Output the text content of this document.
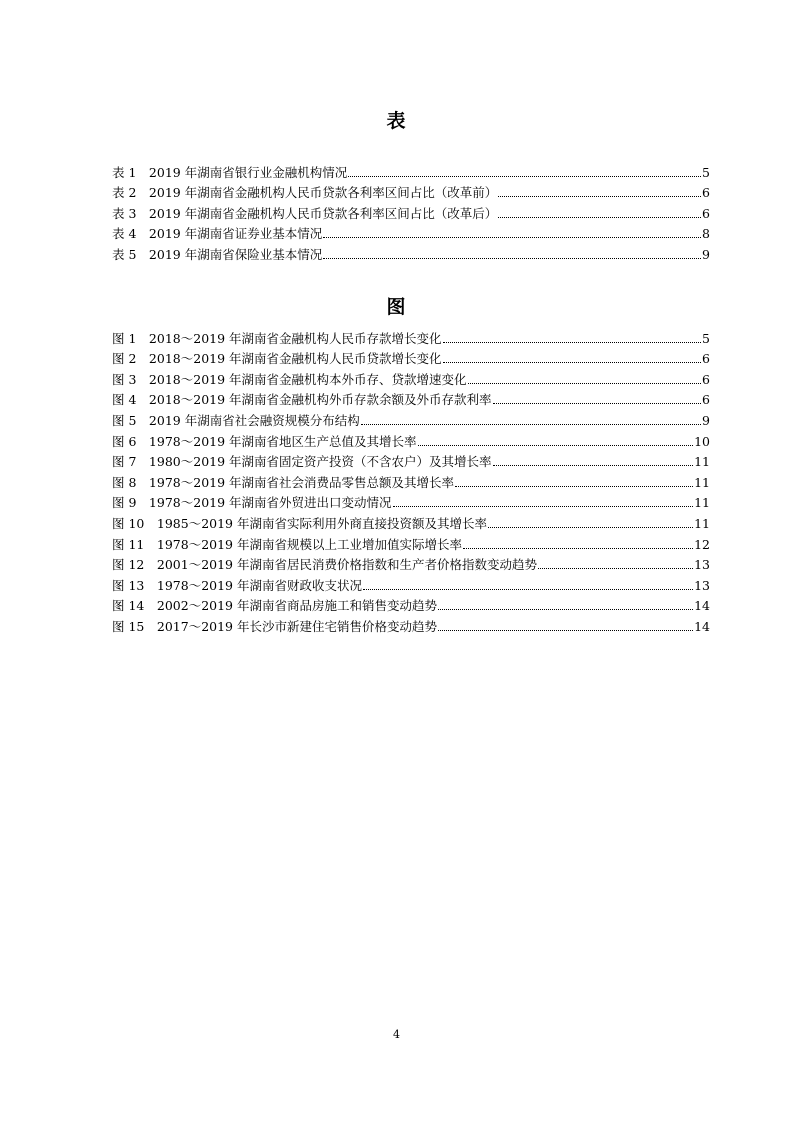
表
表 1　2019 年湖南省银行业金融机构情况	5
表 2　2019 年湖南省金融机构人民币贷款各利率区间占比（改革前）	6
表 3　2019 年湖南省金融机构人民币贷款各利率区间占比（改革后）	6
表 4　2019 年湖南省证券业基本情况	8
表 5　2019 年湖南省保险业基本情况	9
图
图 1　2018～2019 年湖南省金融机构人民币存款增长变化	5
图 2　2018～2019 年湖南省金融机构人民币贷款增长变化	6
图 3　2018～2019 年湖南省金融机构本外币存、贷款增速变化	6
图 4　2018～2019 年湖南省金融机构外币存款余额及外币存款利率	6
图 5　2019 年湖南省社会融资规模分布结构	9
图 6　1978～2019 年湖南省地区生产总值及其增长率	10
图 7　1980～2019 年湖南省固定资产投资（不含农户）及其增长率	11
图 8　1978～2019 年湖南省社会消费品零售总额及其增长率	11
图 9　1978～2019 年湖南省外贸进出口变动情况	11
图 10　1985～2019 年湖南省实际利用外商直接投资额及其增长率	11
图 11　1978～2019 年湖南省规模以上工业增加值实际增长率	12
图 12　2001～2019 年湖南省居民消费价格指数和生产者价格指数变动趋势	13
图 13　1978～2019 年湖南省财政收支状况	13
图 14　2002～2019 年湖南省商品房施工和销售变动趋势	14
图 15　2017～2019 年长沙市新建住宅销售价格变动趋势	14
4
